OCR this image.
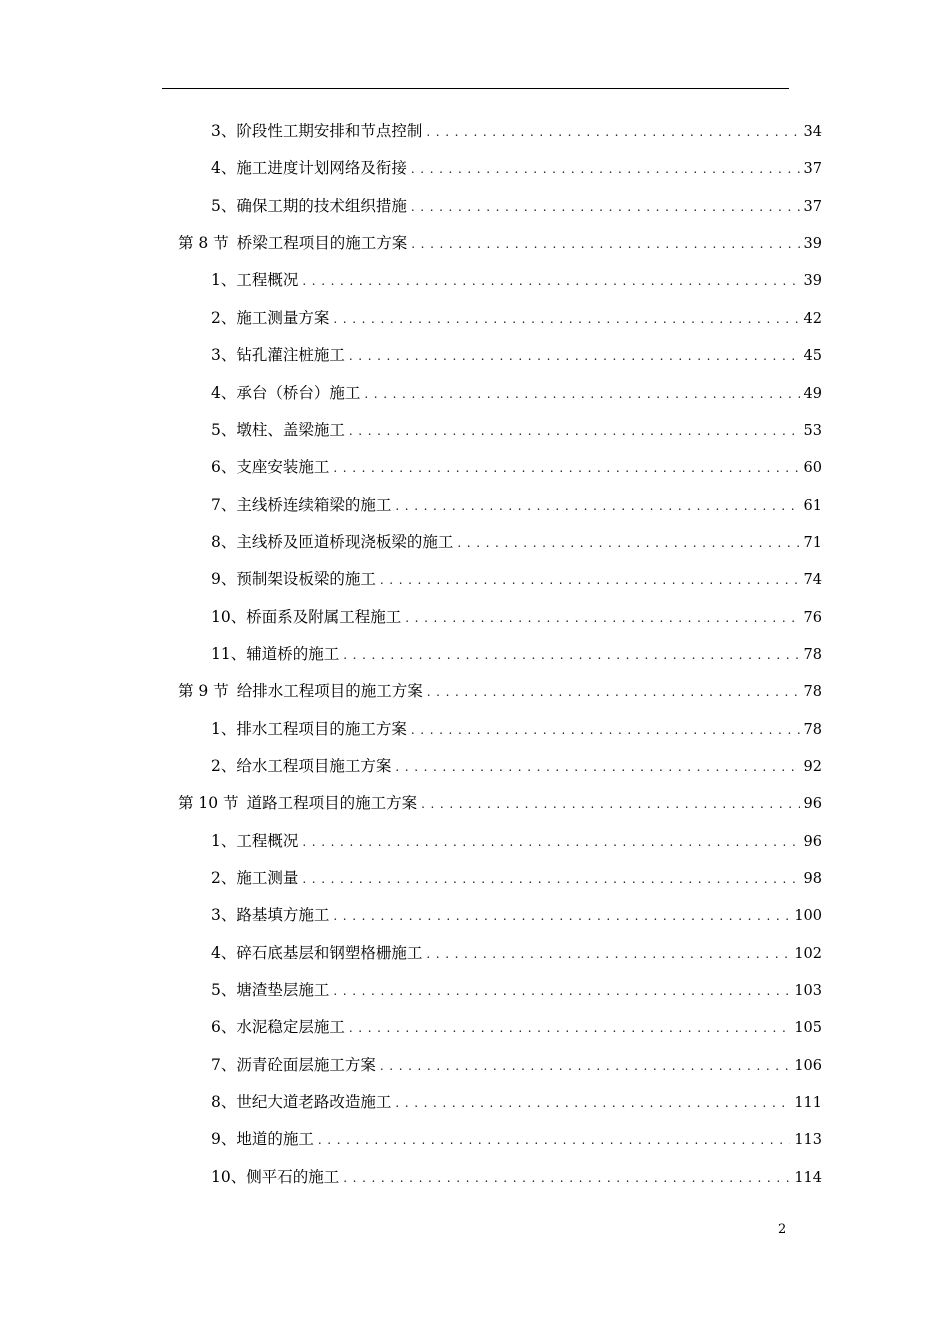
3、 阶段性工期安排和节点控制 .....	34
4、 施工进度计划网络及衔接 .....	37
5、 确保工期的技术组织措施 .....	37
第 8 节 桥梁工程项目的施工方案 .....	39
1、 工程概况 .....	39
2、 施工测量方案 .....	42
3、 钻孔灌注桩施工 .....	45
4、 承台（桥台）施工 .....	49
5、 墩柱、盖梁施工 .....	53
6、 支座安装施工 .....	60
7、 主线桥连续箱梁的施工 .....	61
8、 主线桥及匝道桥现浇板梁的施工 .....	71
9、 预制架设板梁的施工 .....	74
10、 桥面系及附属工程施工 .....	76
11、 辅道桥的施工 .....	78
第 9 节 给排水工程项目的施工方案 .....	78
1、 排水工程项目的施工方案 .....	78
2、 给水工程项目施工方案 .....	92
第 10 节 道路工程项目的施工方案 .....	96
1、 工程概况 .....	96
2、 施工测量 .....	98
3、 路基填方施工 .....	100
4、 碎石底基层和钢塑格栅施工 .....	102
5、 塘渣垫层施工 .....	103
6、 水泥稳定层施工 .....	105
7、 沥青砼面层施工方案 .....	106
8、 世纪大道老路改造施工 .....	111
9、 地道的施工 .....	113
10、 侧平石的施工 .....	114
2
